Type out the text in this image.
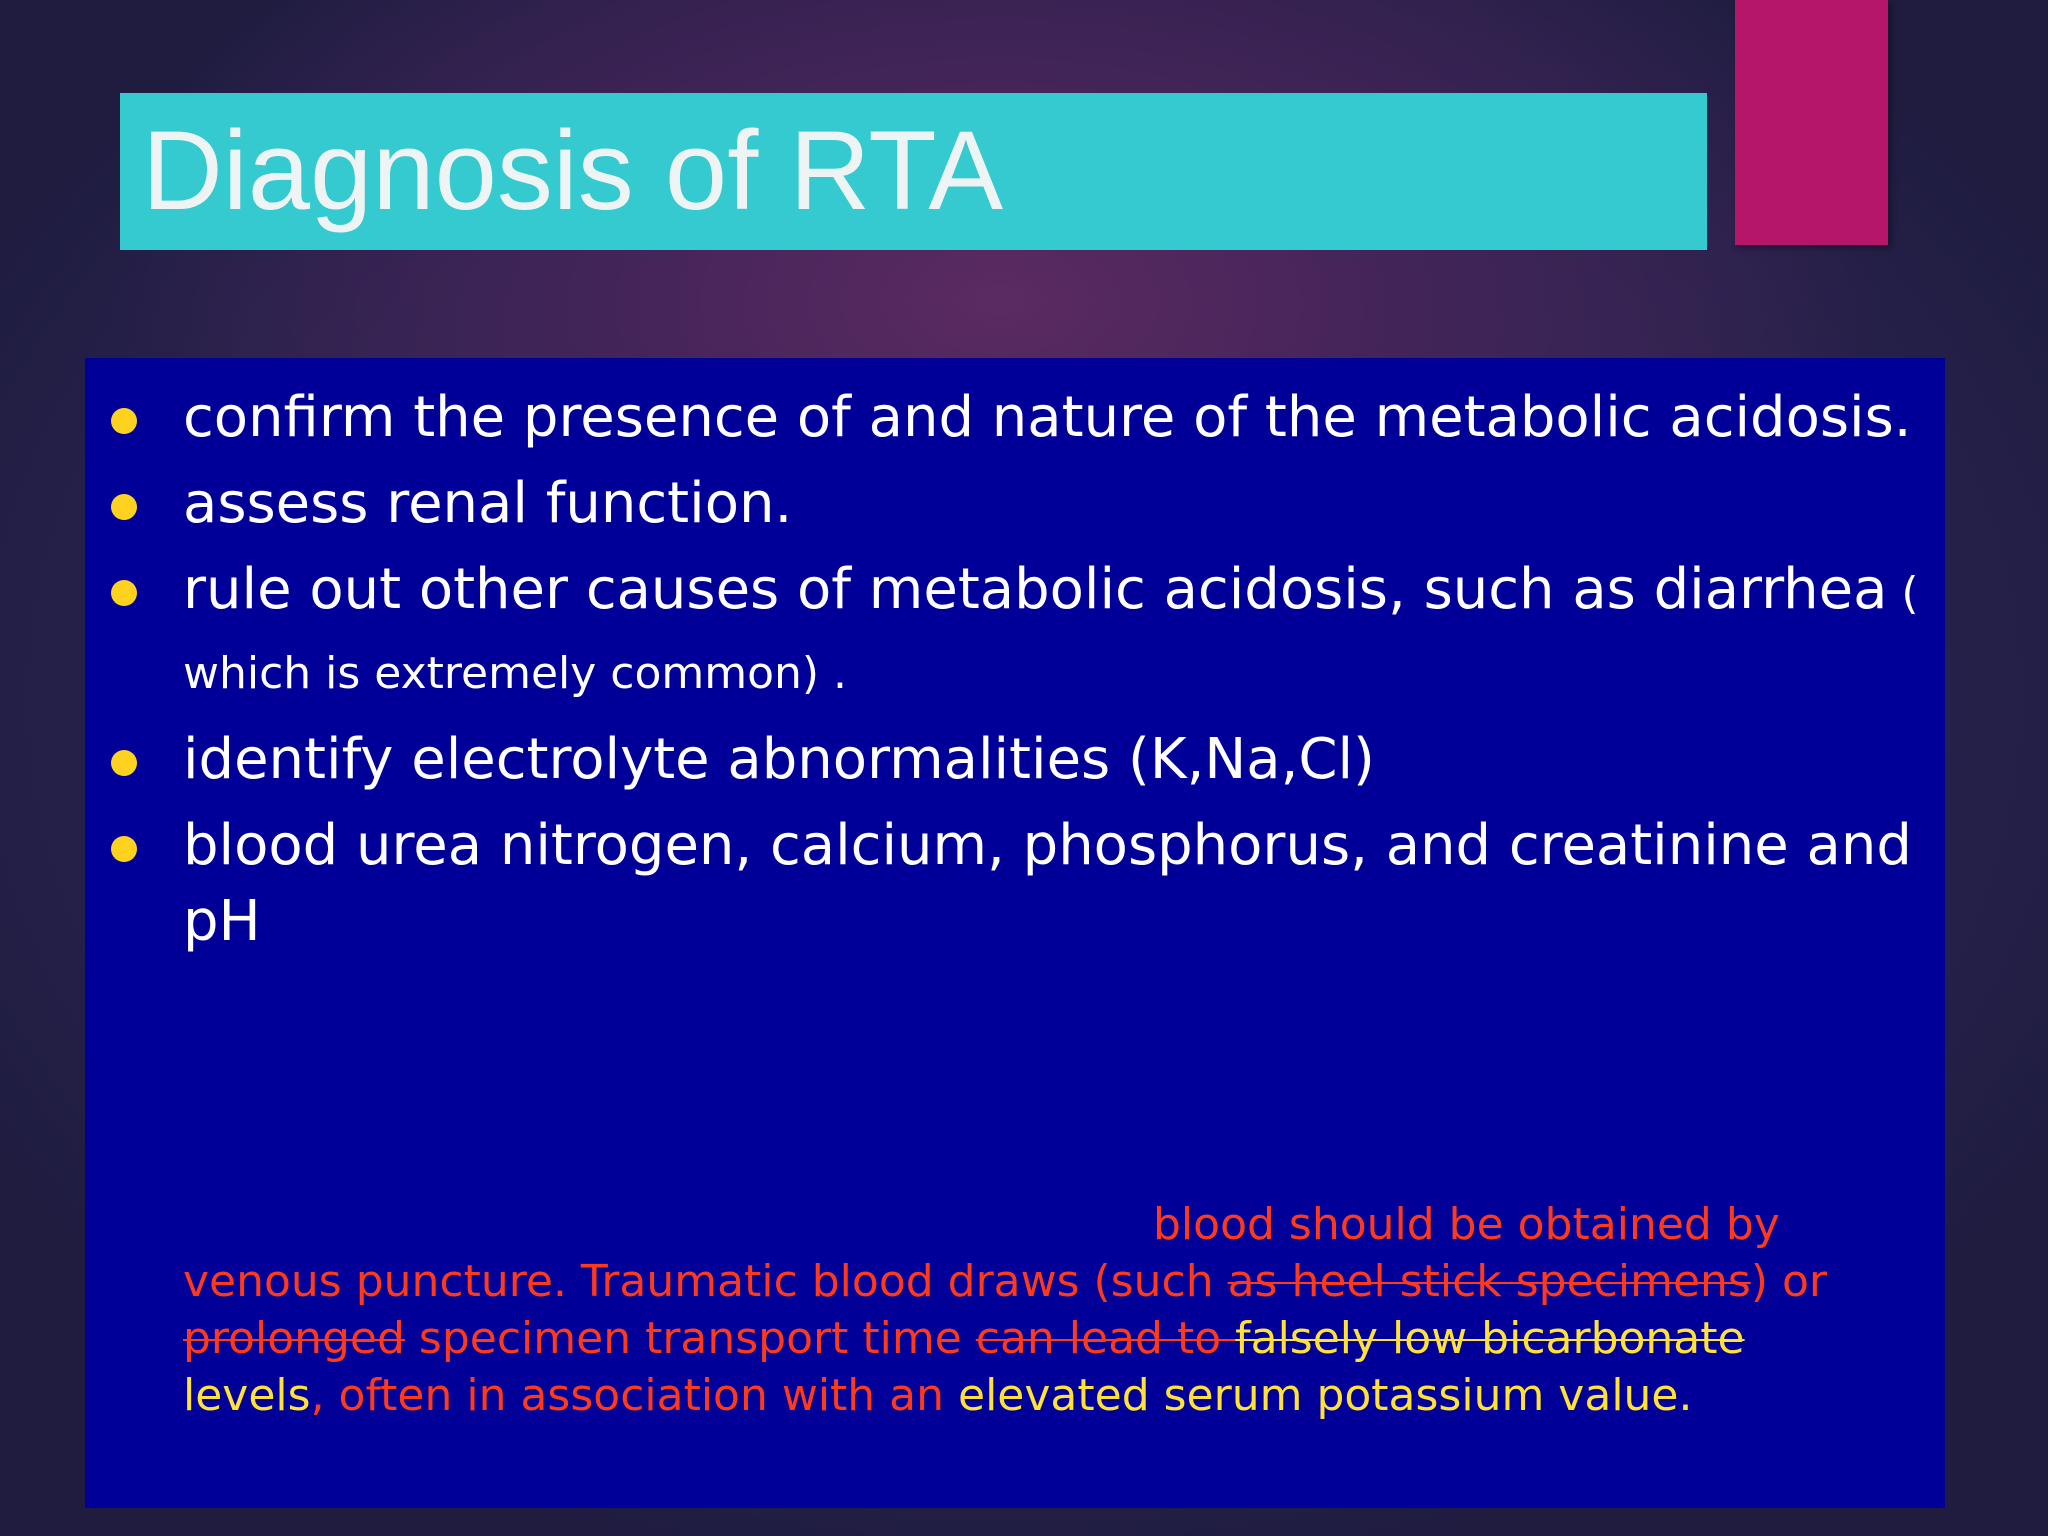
Diagnosis of RTA
confirm the presence of and nature of the metabolic acidosis.
assess renal function.
rule out other causes of metabolic acidosis, such as diarrhea ( which is extremely common) .
identify electrolyte abnormalities (K,Na,Cl)
blood urea nitrogen, calcium, phosphorus, and creatinine and pH

blood should be obtained by
venous puncture. Traumatic blood draws (such as heel stick specimens) or
prolonged specimen transport time can lead to falsely low bicarbonate
levels, often in association with an elevated serum potassium value.
